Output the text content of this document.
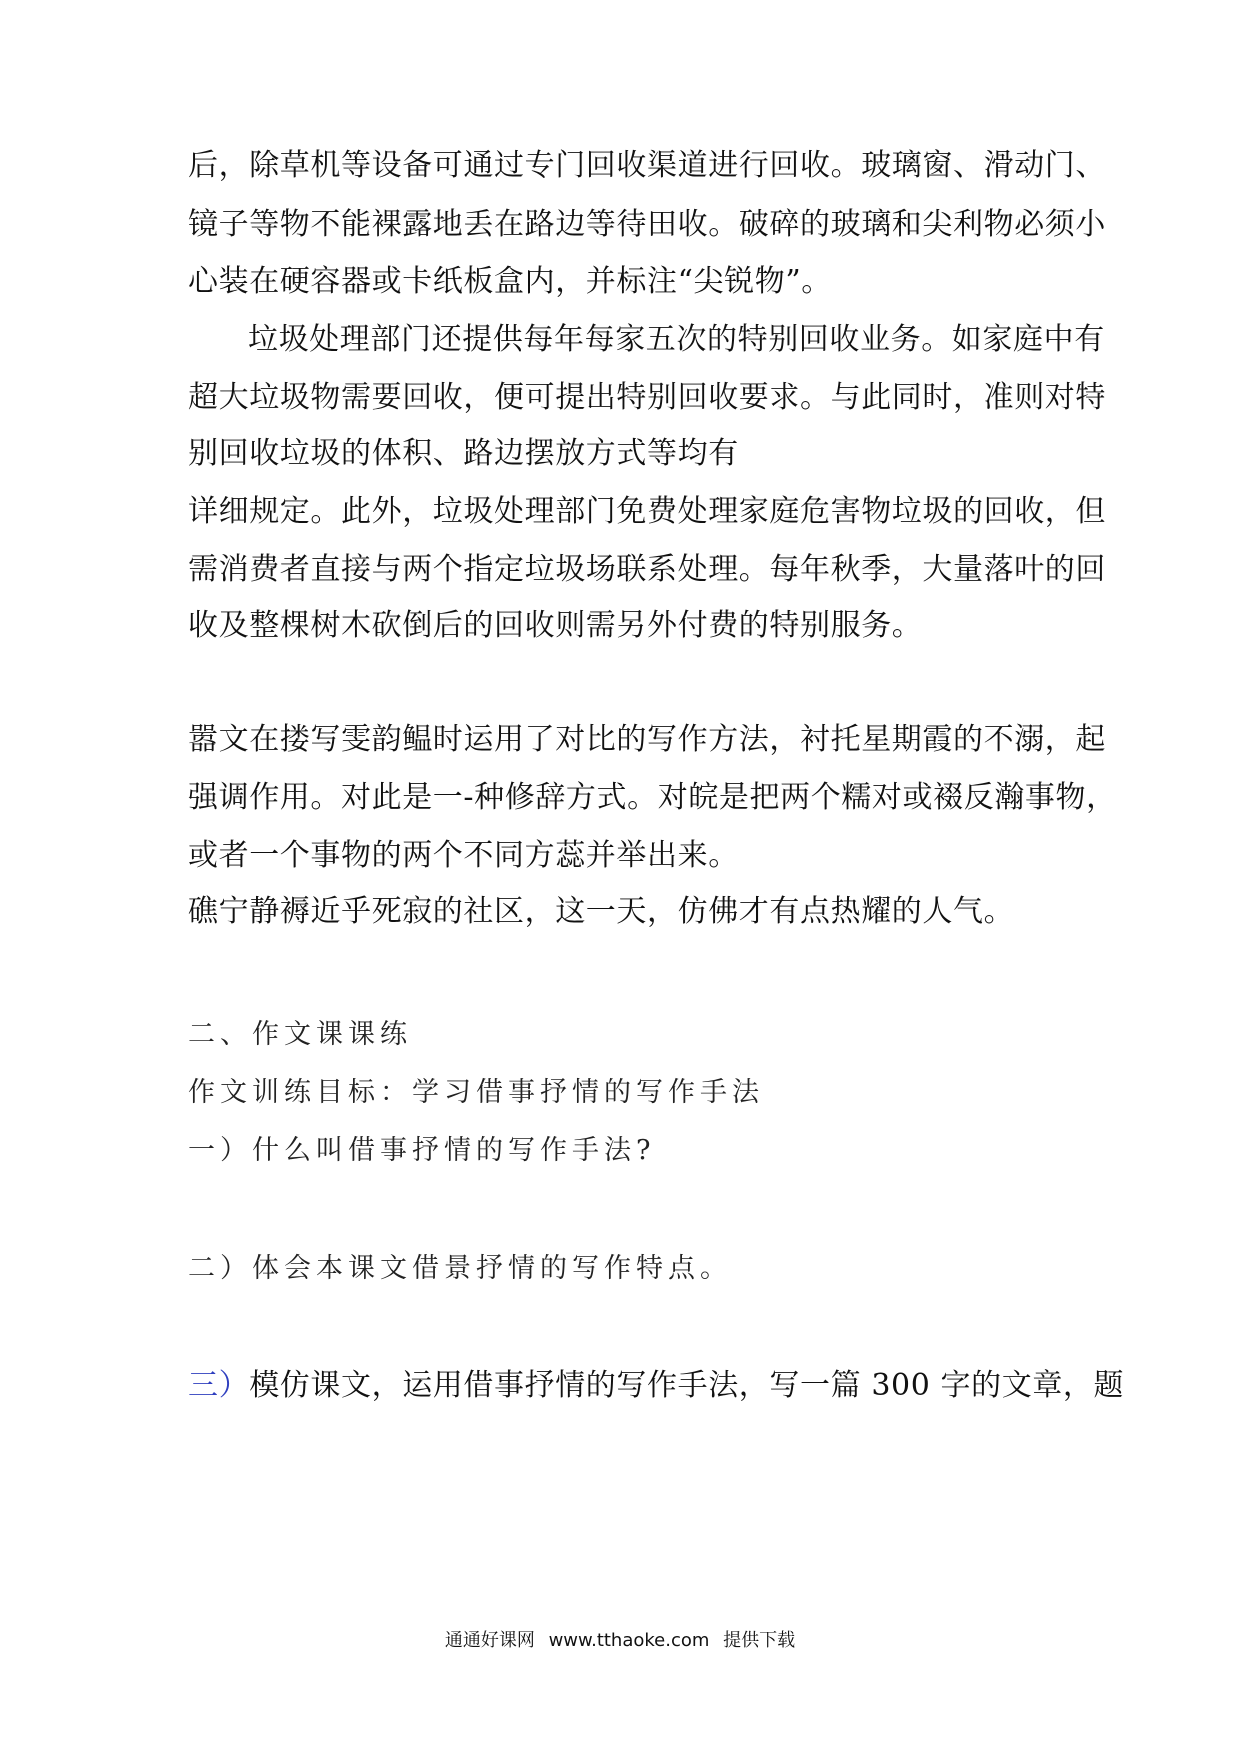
后，除草机等设备可通过专门回收渠道进行回收。玻璃窗、滑动门、
镜子等物不能裸露地丢在路边等待田收。破碎的玻璃和尖利物必须小
心装在硬容器或卡纸板盒内，并标注“尖锐物”。
垃圾处理部门还提供每年每家五次的特别回收业务。如家庭中有
超大垃圾物需要回收，便可提出特别回收要求。与此同时，准则对特
别回收垃圾的体积、路边摆放方式等均有
详细规定。此外，垃圾处理部门免费处理家庭危害物垃圾的回收，但
需消费者直接与两个指定垃圾场联系处理。每年秋季，大量落叶的回
收及整棵树木砍倒后的回收则需另外付费的特别服务。
嚣文在搂写雯韵鳁时运用了对比的写作方法，衬托星期霞的不溺，起
强调作用。对此是一-种修辞方式。对皖是把两个糯对或裰反瀚事物，
或者一个事物的两个不同方蕊并举出来。
礁宁静褥近乎死寂的社区，这一天，仿佛才有点热耀的人气。
二、作文课课练
作文训练目标：学习借事抒情的写作手法
一）什么叫借事抒情的写作手法?
二）体会本课文借景抒情的写作特点。
三）模仿课文，运用借事抒情的写作手法，写一篇 300 字的文章，题
通通好课网 www.tthaoke.com 提供下载
